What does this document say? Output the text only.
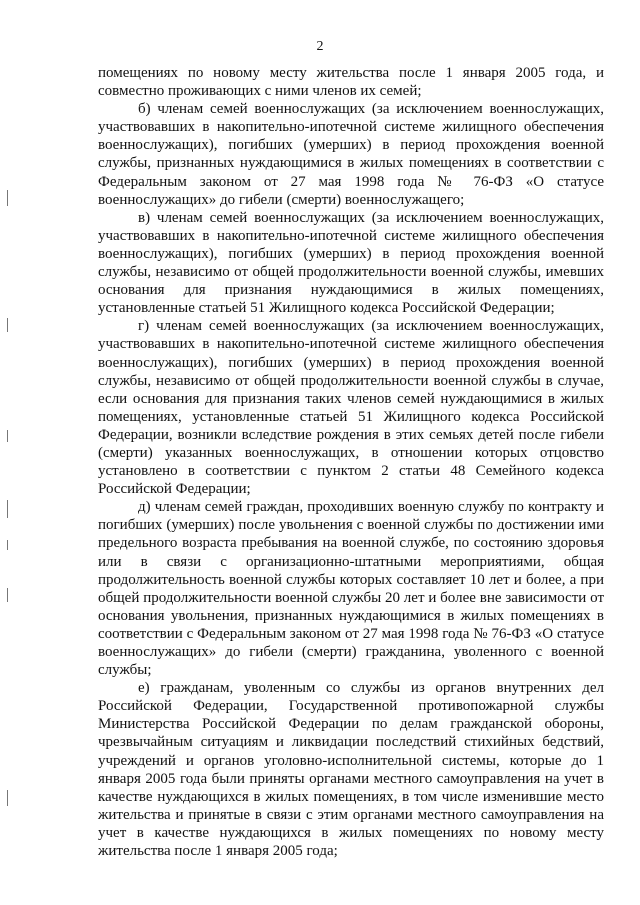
2

помещениях по новому месту жительства после 1 января 2005 года, и совместно проживающих с ними членов их семей;

б) членам семей военнослужащих (за исключением военнослужащих, участвовавших в накопительно-ипотечной системе жилищного обеспечения военнослужащих), погибших (умерших) в период прохождения военной службы, признанных нуждающимися в жилых помещениях в соответствии с Федеральным законом от 27 мая 1998 года № 76-ФЗ «О статусе военнослужащих» до гибели (смерти) военнослужащего;

в) членам семей военнослужащих (за исключением военнослужащих, участвовавших в накопительно-ипотечной системе жилищного обеспечения военнослужащих), погибших (умерших) в период прохождения военной службы, независимо от общей продолжительности военной службы, имевших основания для признания нуждающимися в жилых помещениях, установленные статьей 51 Жилищного кодекса Российской Федерации;

г) членам семей военнослужащих (за исключением военнослужащих, участвовавших в накопительно-ипотечной системе жилищного обеспечения военнослужащих), погибших (умерших) в период прохождения военной службы, независимо от общей продолжительности военной службы в случае, если основания для признания таких членов семей нуждающимися в жилых помещениях, установленные статьей 51 Жилищного кодекса Российской Федерации, возникли вследствие рождения в этих семьях детей после гибели (смерти) указанных военнослужащих, в отношении которых отцовство установлено в соответствии с пунктом 2 статьи 48 Семейного кодекса Российской Федерации;

д) членам семей граждан, проходивших военную службу по контракту и погибших (умерших) после увольнения с военной службы по достижении ими предельного возраста пребывания на военной службе, по состоянию здоровья или в связи с организационно-штатными мероприятиями, общая продолжительность военной службы которых составляет 10 лет и более, а при общей продолжительности военной службы 20 лет и более вне зависимости от основания увольнения, признанных нуждающимися в жилых помещениях в соответствии с Федеральным законом от 27 мая 1998 года № 76-ФЗ «О статусе военнослужащих» до гибели (смерти) гражданина, уволенного с военной службы;

е) гражданам, уволенным со службы из органов внутренних дел Российской Федерации, Государственной противопожарной службы Министерства Российской Федерации по делам гражданской обороны, чрезвычайным ситуациям и ликвидации последствий стихийных бедствий, учреждений и органов уголовно-исполнительной системы, которые до 1 января 2005 года были приняты органами местного самоуправления на учет в качестве нуждающихся в жилых помещениях, в том числе изменившие место жительства и принятые в связи с этим органами местного самоуправления на учет в качестве нуждающихся в жилых помещениях по новому месту жительства после 1 января 2005 года;
